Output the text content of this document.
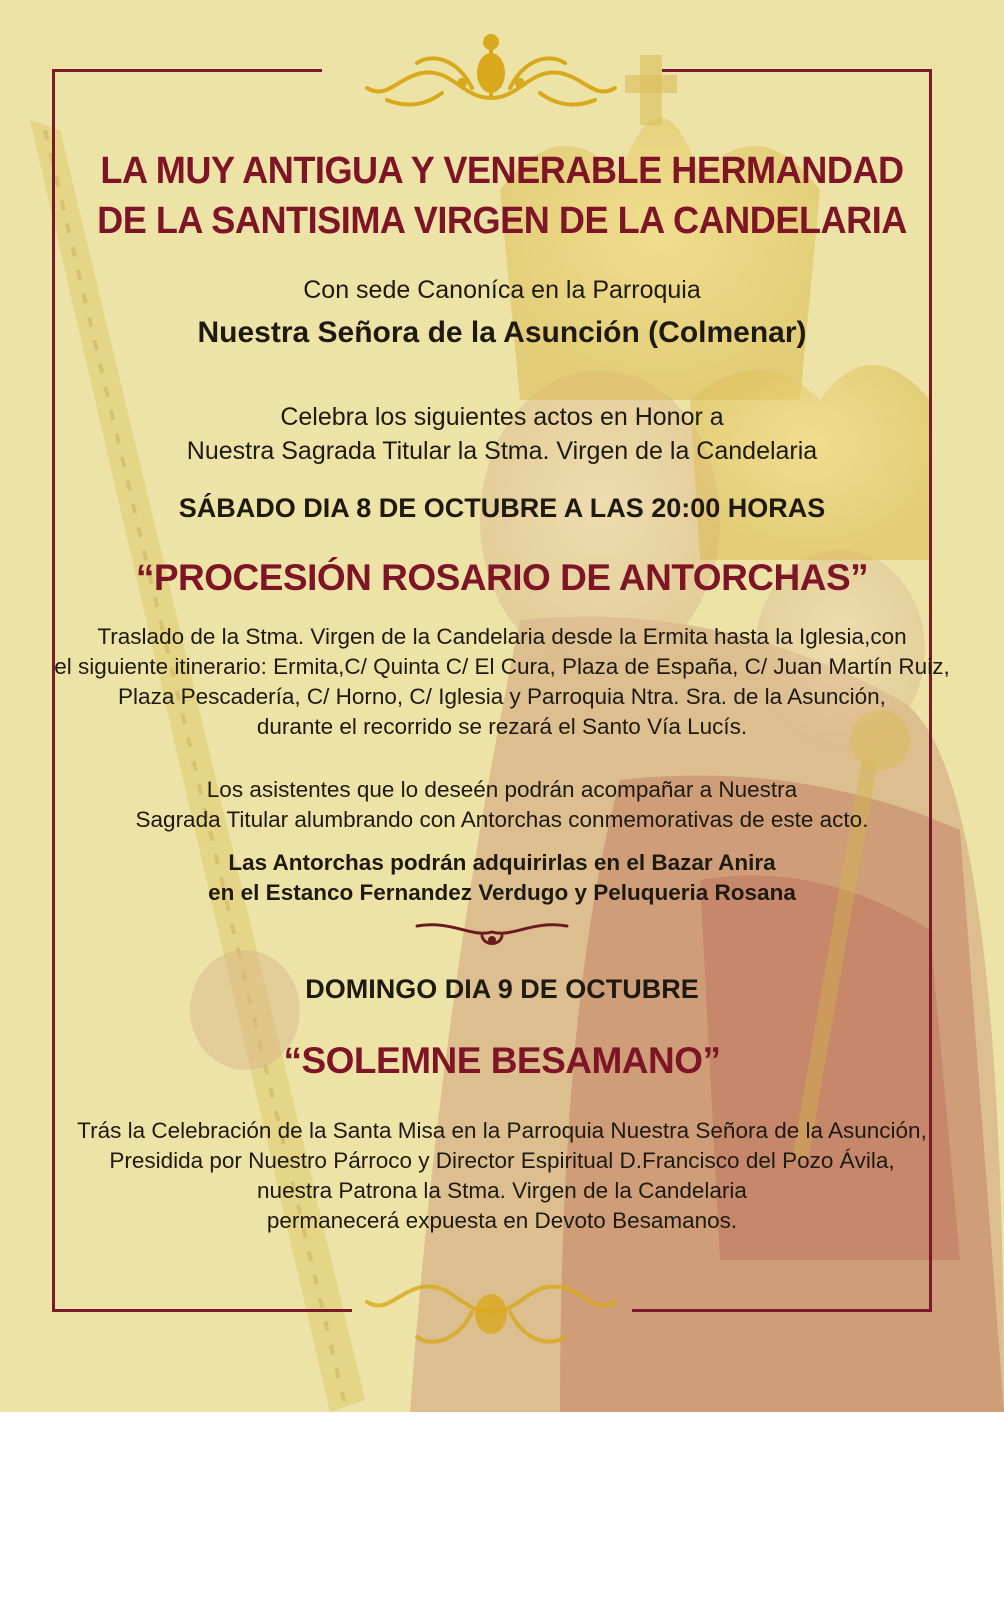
LA MUY ANTIGUA Y VENERABLE HERMANDAD
DE LA SANTISIMA VIRGEN DE LA CANDELARIA
Con sede Canoníca en la Parroquia
Nuestra Señora de la Asunción (Colmenar)
Celebra los siguientes actos en Honor a
Nuestra Sagrada Titular la Stma. Virgen de la Candelaria
SÁBADO DIA 8 DE OCTUBRE A LAS 20:00 HORAS
“PROCESIÓN ROSARIO DE ANTORCHAS”
Traslado de la Stma. Virgen de la Candelaria desde la Ermita hasta la Iglesia,con
el siguiente itinerario: Ermita,C/ Quinta C/ El Cura, Plaza de España, C/ Juan Martín Ruiz,
Plaza Pescadería, C/ Horno, C/ Iglesia y Parroquia Ntra. Sra. de la Asunción,
durante el recorrido se rezará el Santo Vía Lucís.
Los asistentes que lo deseén podrán acompañar a Nuestra
Sagrada Titular alumbrando con Antorchas conmemorativas de este acto.
Las Antorchas podrán adquirirlas en el Bazar Anira
en el Estanco Fernandez Verdugo y Peluqueria Rosana
DOMINGO DIA 9 DE OCTUBRE
“SOLEMNE BESAMANO”
Trás la Celebración de la Santa Misa en la Parroquia Nuestra Señora de la Asunción,
Presidida por Nuestro Párroco y Director Espiritual D.Francisco del Pozo Ávila,
nuestra Patrona la Stma. Virgen de la Candelaria
permanecerá expuesta en Devoto Besamanos.
